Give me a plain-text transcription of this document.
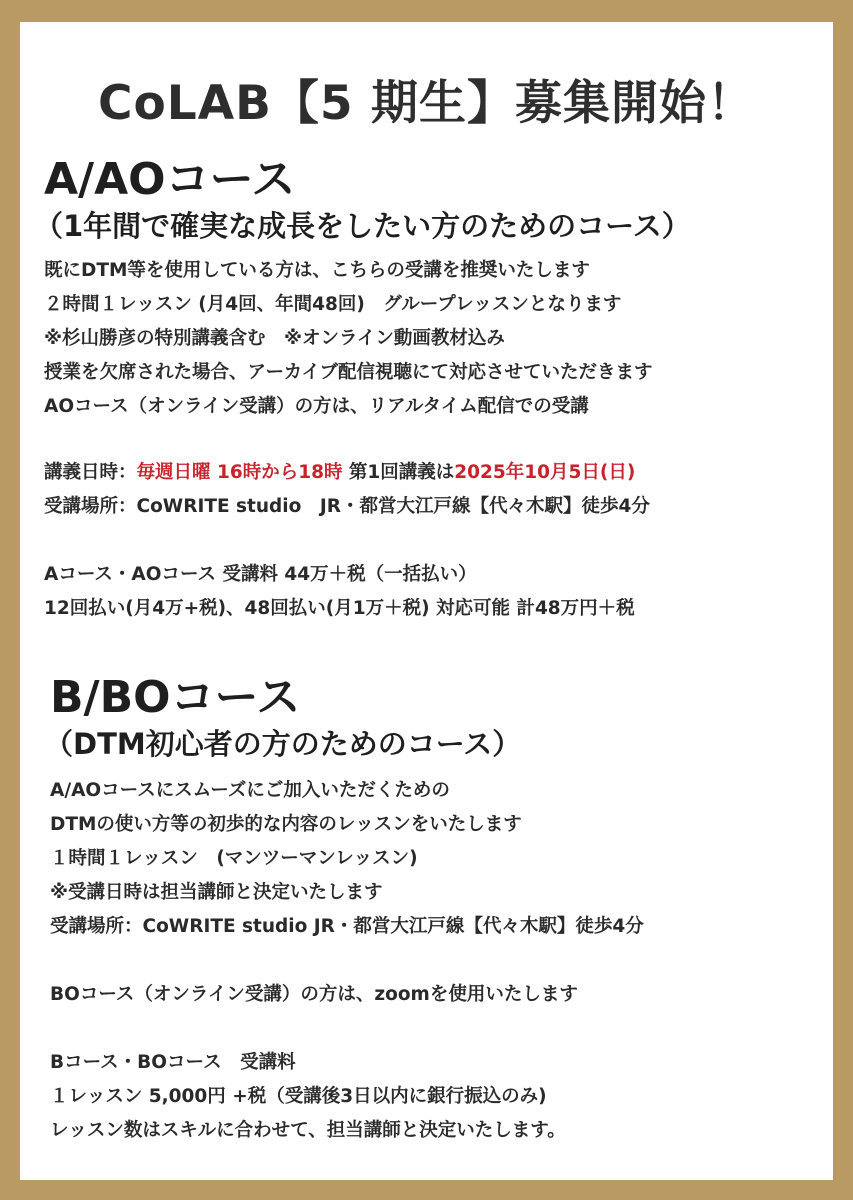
CoLAB【5 期生】募集開始！
A/AOコース
（1年間で確実な成長をしたい方のためのコース）
既にDTM等を使用している方は、こちらの受講を推奨いたします
２時間１レッスン (月4回、年間48回)　グループレッスンとなります
※杉山勝彦の特別講義含む　※オンライン動画教材込み
授業を欠席された場合、アーカイブ配信視聴にて対応させていただきます
AOコース（オンライン受講）の方は、リアルタイム配信での受講
講義日時：毎週日曜 16時から18時 第1回講義は2025年10月5日(日)
受講場所：CoWRITE studio　JR・都営大江戸線【代々木駅】徒歩4分
Aコース・AOコース 受講料 44万＋税（一括払い）
12回払い(月4万+税)、48回払い(月1万＋税) 対応可能 計48万円＋税
B/BOコース
（DTM初心者の方のためのコース）
A/AOコースにスムーズにご加入いただくための
DTMの使い方等の初歩的な内容のレッスンをいたします
１時間１レッスン　(マンツーマンレッスン)
※受講日時は担当講師と決定いたします
受講場所：CoWRITE studio JR・都営大江戸線【代々木駅】徒歩4分
BOコース（オンライン受講）の方は、zoomを使用いたします
Bコース・BOコース　受講料
１レッスン 5,000円 +税（受講後3日以内に銀行振込のみ)
レッスン数はスキルに合わせて、担当講師と決定いたします。
